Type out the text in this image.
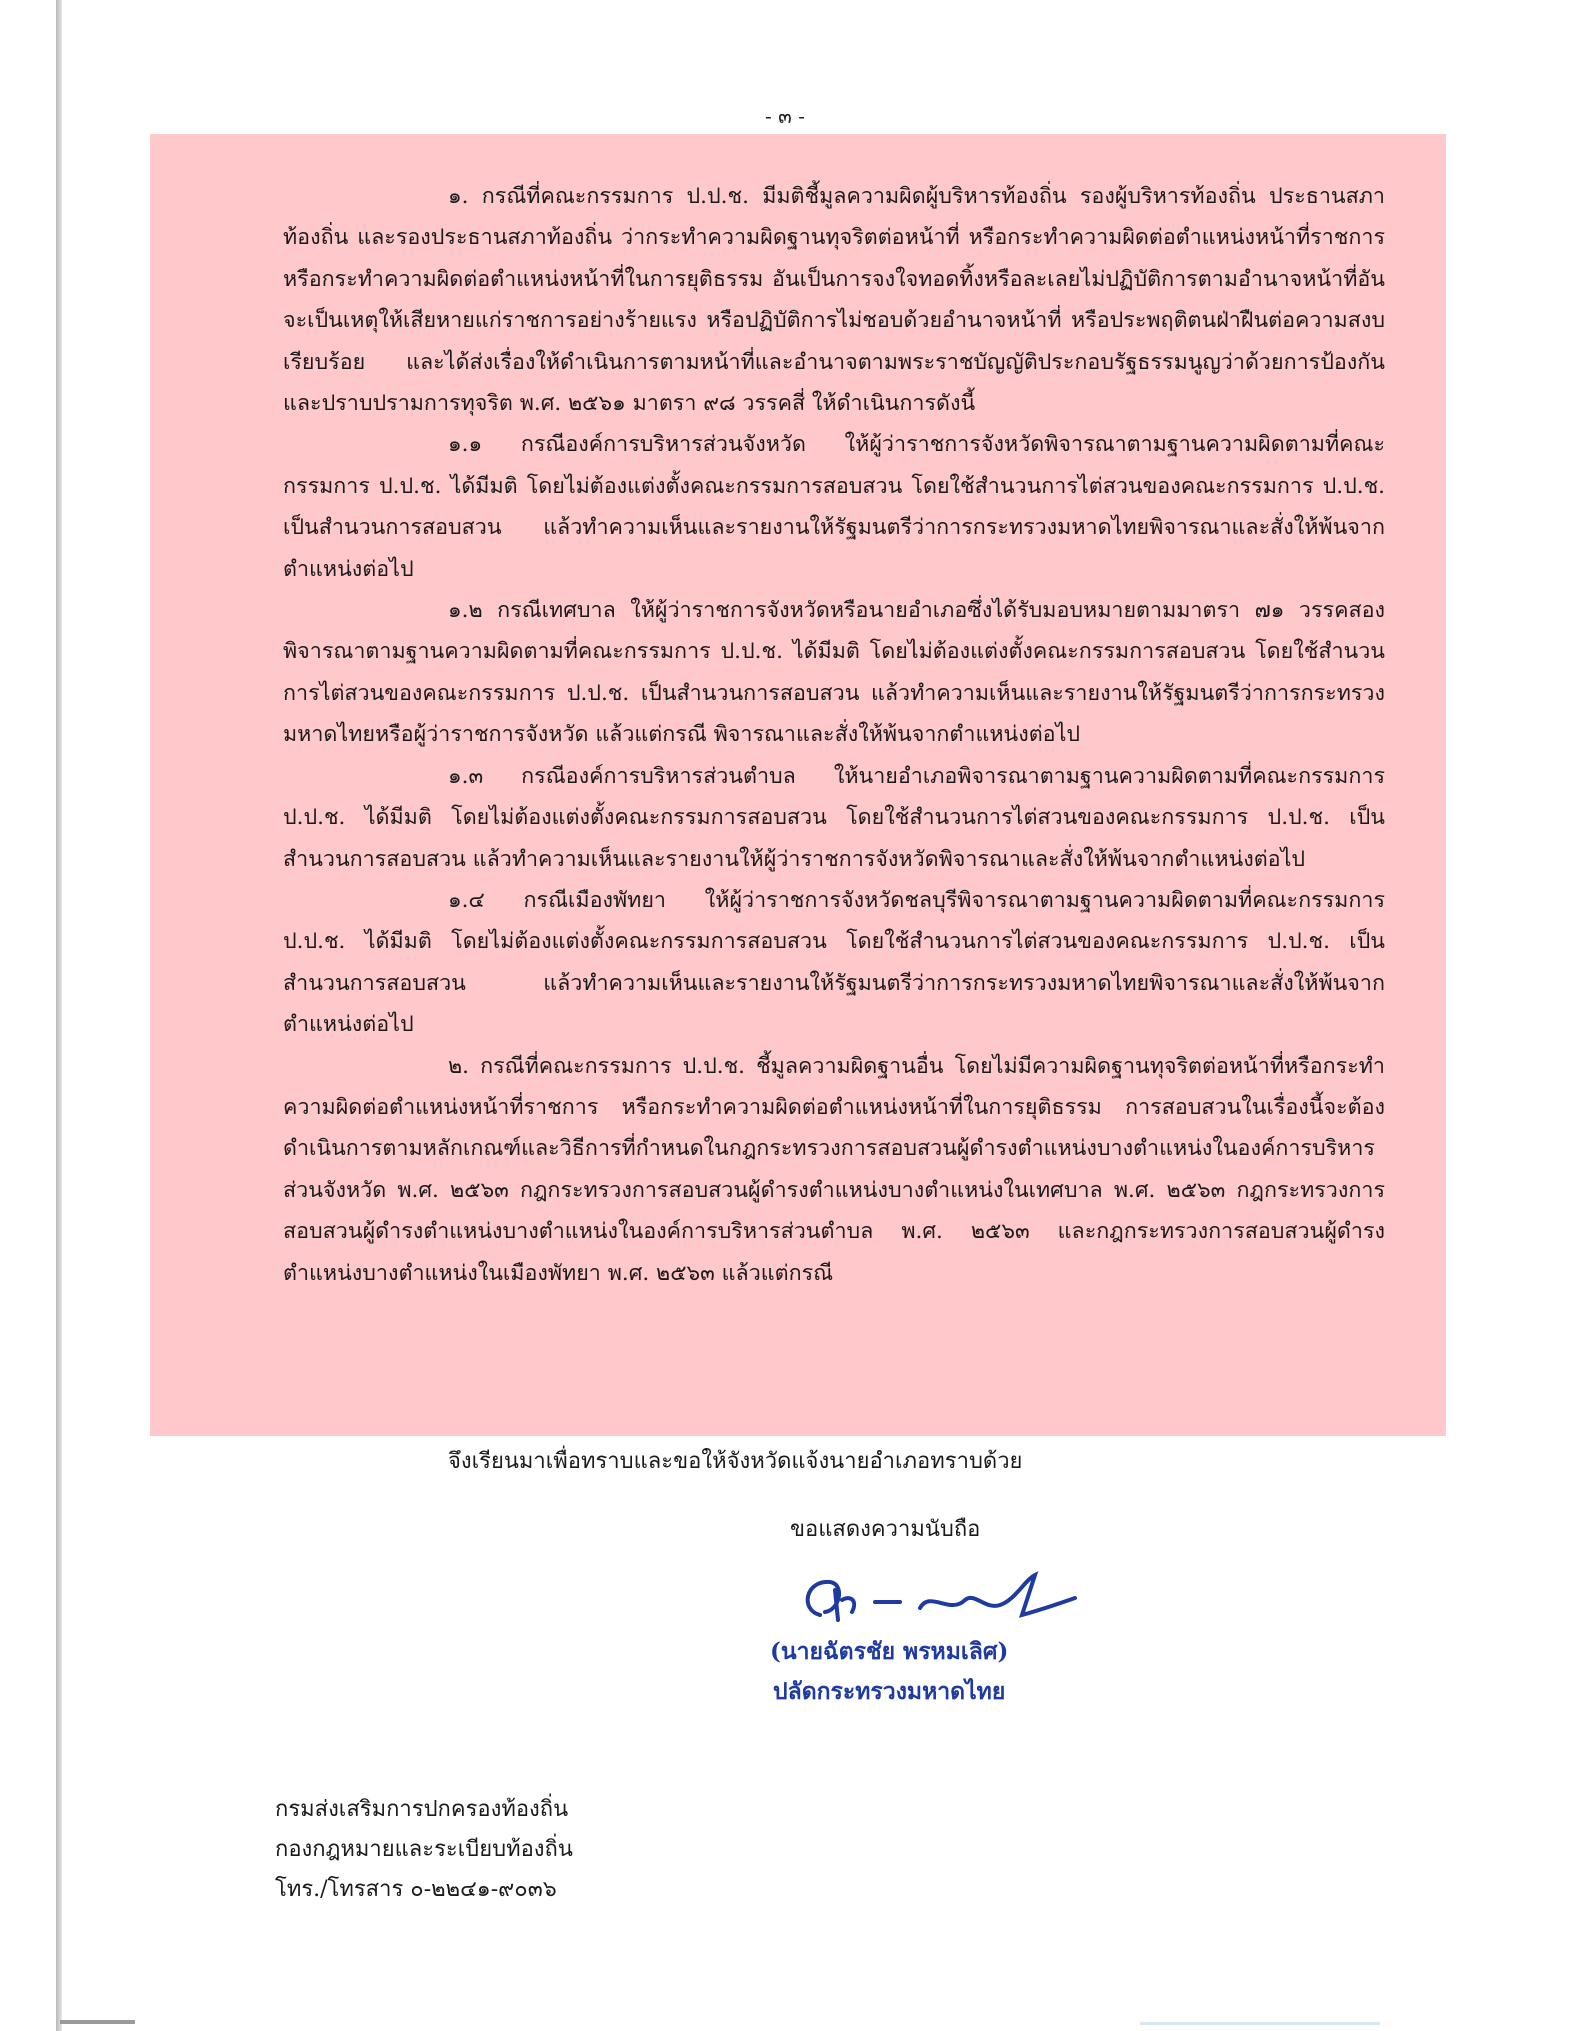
- ๓ -

๑. กรณีที่คณะกรรมการ ป.ป.ช. มีมติชี้มูลความผิดผู้บริหารท้องถิ่น รองผู้บริหารท้องถิ่น ประธานสภาท้องถิ่น และรองประธานสภาท้องถิ่น ว่ากระทำความผิดฐานทุจริตต่อหน้าที่ หรือกระทำความผิดต่อตำแหน่งหน้าที่ราชการ หรือกระทำความผิดต่อตำแหน่งหน้าที่ในการยุติธรรม อันเป็นการจงใจทอดทิ้งหรือละเลยไม่ปฏิบัติการตามอำนาจหน้าที่อันจะเป็นเหตุให้เสียหายแก่ราชการอย่างร้ายแรง หรือปฏิบัติการไม่ชอบด้วยอำนาจหน้าที่ หรือประพฤติตนฝ่าฝืนต่อความสงบเรียบร้อย และได้ส่งเรื่องให้ดำเนินการตามหน้าที่และอำนาจตามพระราชบัญญัติประกอบรัฐธรรมนูญว่าด้วยการป้องกันและปราบปรามการทุจริต พ.ศ. ๒๕๖๑ มาตรา ๙๘ วรรคสี่ ให้ดำเนินการดังนี้

๑.๑ กรณีองค์การบริหารส่วนจังหวัด ให้ผู้ว่าราชการจังหวัดพิจารณาตามฐานความผิดตามที่คณะกรรมการ ป.ป.ช. ได้มีมติ โดยไม่ต้องแต่งตั้งคณะกรรมการสอบสวน โดยใช้สำนวนการไต่สวนของคณะกรรมการ ป.ป.ช. เป็นสำนวนการสอบสวน แล้วทำความเห็นและรายงานให้รัฐมนตรีว่าการกระทรวงมหาดไทยพิจารณาและสั่งให้พ้นจากตำแหน่งต่อไป

๑.๒ กรณีเทศบาล ให้ผู้ว่าราชการจังหวัดหรือนายอำเภอซึ่งได้รับมอบหมายตามมาตรา ๗๑ วรรคสอง พิจารณาตามฐานความผิดตามที่คณะกรรมการ ป.ป.ช. ได้มีมติ โดยไม่ต้องแต่งตั้งคณะกรรมการสอบสวน โดยใช้สำนวนการไต่สวนของคณะกรรมการ ป.ป.ช. เป็นสำนวนการสอบสวน แล้วทำความเห็นและรายงานให้รัฐมนตรีว่าการกระทรวงมหาดไทยหรือผู้ว่าราชการจังหวัด แล้วแต่กรณี พิจารณาและสั่งให้พ้นจากตำแหน่งต่อไป

๑.๓ กรณีองค์การบริหารส่วนตำบล ให้นายอำเภอพิจารณาตามฐานความผิดตามที่คณะกรรมการ ป.ป.ช. ได้มีมติ โดยไม่ต้องแต่งตั้งคณะกรรมการสอบสวน โดยใช้สำนวนการไต่สวนของคณะกรรมการ ป.ป.ช. เป็นสำนวนการสอบสวน แล้วทำความเห็นและรายงานให้ผู้ว่าราชการจังหวัดพิจารณาและสั่งให้พ้นจากตำแหน่งต่อไป

๑.๔ กรณีเมืองพัทยา ให้ผู้ว่าราชการจังหวัดชลบุรีพิจารณาตามฐานความผิดตามที่คณะกรรมการ ป.ป.ช. ได้มีมติ โดยไม่ต้องแต่งตั้งคณะกรรมการสอบสวน โดยใช้สำนวนการไต่สวนของคณะกรรมการ ป.ป.ช. เป็นสำนวนการสอบสวน แล้วทำความเห็นและรายงานให้รัฐมนตรีว่าการกระทรวงมหาดไทยพิจารณาและสั่งให้พ้นจากตำแหน่งต่อไป

๒. กรณีที่คณะกรรมการ ป.ป.ช. ชี้มูลความผิดฐานอื่น โดยไม่มีความผิดฐานทุจริตต่อหน้าที่หรือกระทำความผิดต่อตำแหน่งหน้าที่ราชการ หรือกระทำความผิดต่อตำแหน่งหน้าที่ในการยุติธรรม การสอบสวนในเรื่องนี้จะต้องดำเนินการตามหลักเกณฑ์และวิธีการที่กำหนดในกฎกระทรวงการสอบสวนผู้ดำรงตำแหน่งบางตำแหน่งในองค์การบริหารส่วนจังหวัด พ.ศ. ๒๕๖๓ กฎกระทรวงการสอบสวนผู้ดำรงตำแหน่งบางตำแหน่งในเทศบาล พ.ศ. ๒๕๖๓ กฎกระทรวงการสอบสวนผู้ดำรงตำแหน่งบางตำแหน่งในองค์การบริหารส่วนตำบล พ.ศ. ๒๕๖๓ และกฎกระทรวงการสอบสวนผู้ดำรงตำแหน่งบางตำแหน่งในเมืองพัทยา พ.ศ. ๒๕๖๓ แล้วแต่กรณี

จึงเรียนมาเพื่อทราบและขอให้จังหวัดแจ้งนายอำเภอทราบด้วย
ขอแสดงความนับถือ
(นายฉัตรชัย พรหมเลิศ)
ปลัดกระทรวงมหาดไทย
กรมส่งเสริมการปกครองท้องถิ่น
กองกฎหมายและระเบียบท้องถิ่น
โทร./โทรสาร ๐-๒๒๔๑-๙๐๓๖
